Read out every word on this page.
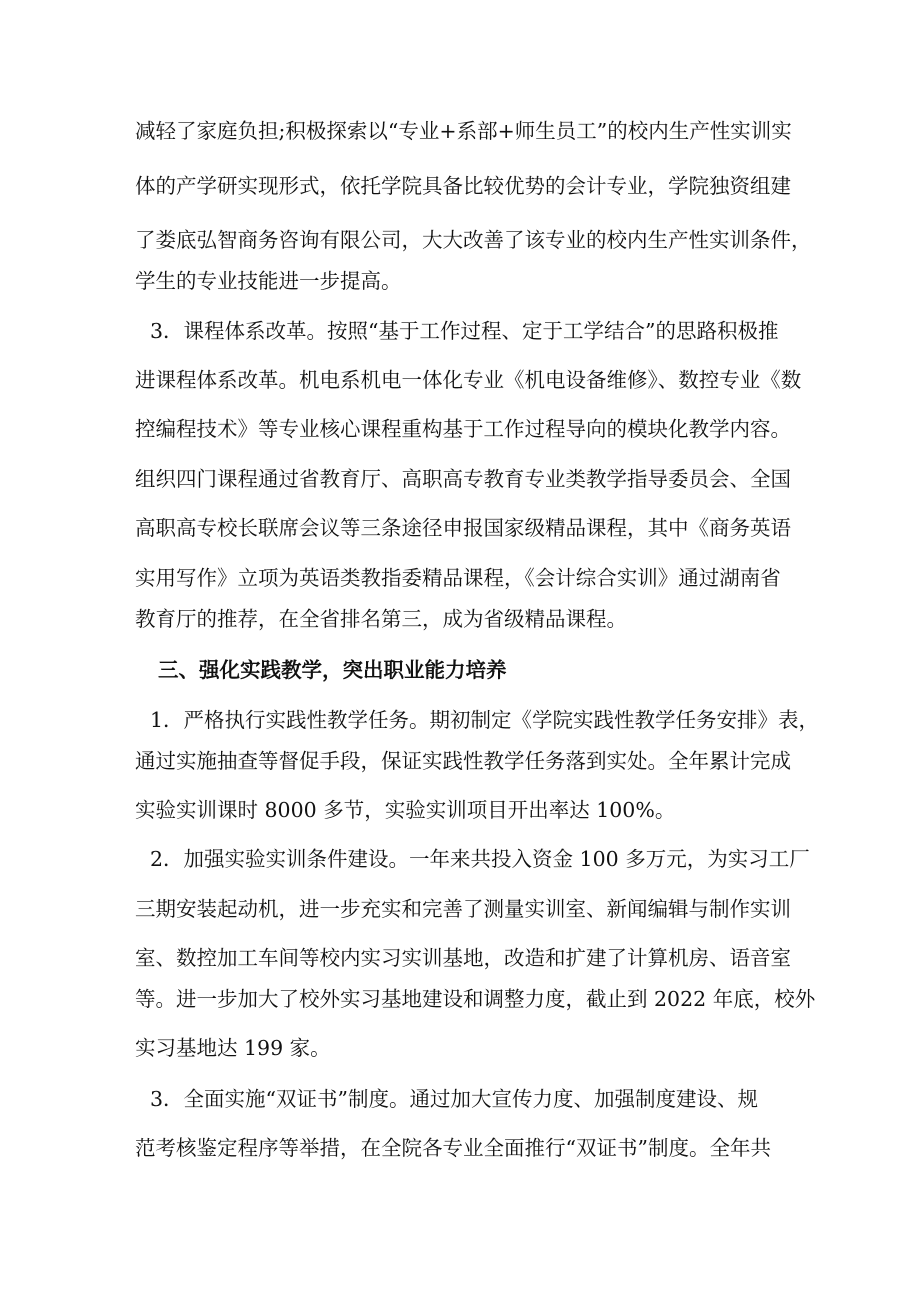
减轻了家庭负担;积极探索以“专业+系部+师生员工”的校内生产性实训实
体的产学研实现形式，依托学院具备比较优势的会计专业，学院独资组建
了娄底弘智商务咨询有限公司，大大改善了该专业的校内生产性实训条件，
学生的专业技能进一步提高。
3．课程体系改革。按照“基于工作过程、定于工学结合”的思路积极推
进课程体系改革。机电系机电一体化专业《机电设备维修》、数控专业《数
控编程技术》等专业核心课程重构基于工作过程导向的模块化教学内容。
组织四门课程通过省教育厅、高职高专教育专业类教学指导委员会、全国
高职高专校长联席会议等三条途径申报国家级精品课程，其中《商务英语
实用写作》立项为英语类教指委精品课程，《会计综合实训》通过湖南省
教育厅的推荐，在全省排名第三，成为省级精品课程。
三、强化实践教学，突出职业能力培养
1．严格执行实践性教学任务。期初制定《学院实践性教学任务安排》表，
通过实施抽查等督促手段，保证实践性教学任务落到实处。全年累计完成
实验实训课时 8000 多节，实验实训项目开出率达 100%。
2．加强实验实训条件建设。一年来共投入资金 100 多万元，为实习工厂
三期安装起动机，进一步充实和完善了测量实训室、新闻编辑与制作实训
室、数控加工车间等校内实习实训基地，改造和扩建了计算机房、语音室
等。进一步加大了校外实习基地建设和调整力度，截止到 2022 年底，校外
实习基地达 199 家。
3．全面实施“双证书”制度。通过加大宣传力度、加强制度建设、规
范考核鉴定程序等举措，在全院各专业全面推行“双证书”制度。全年共
